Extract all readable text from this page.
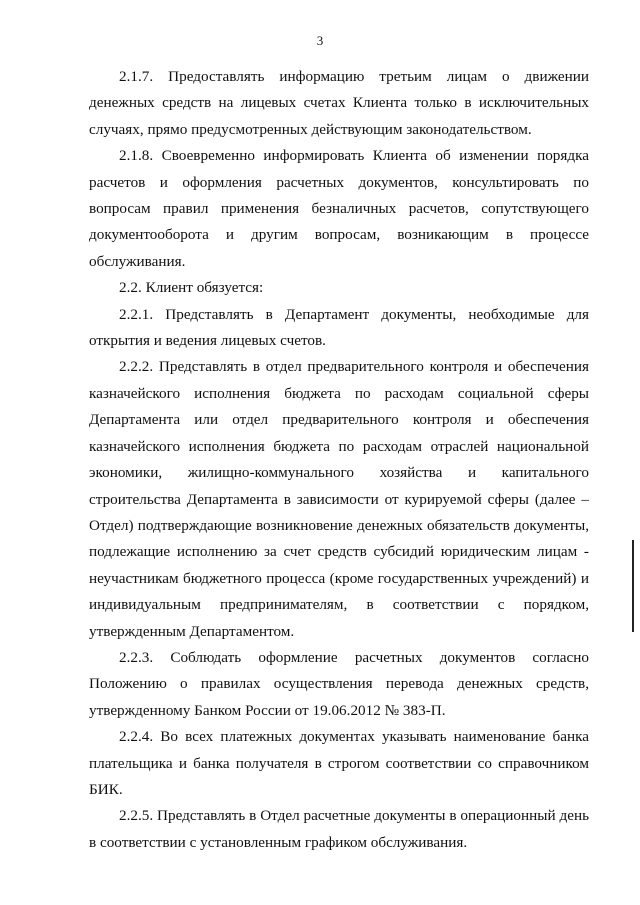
3

2.1.7. Предоставлять информацию третьим лицам о движении денежных средств на лицевых счетах Клиента только в исключительных случаях, прямо предусмотренных действующим законодательством.

2.1.8. Своевременно информировать Клиента об изменении порядка расчетов и оформления расчетных документов, консультировать по вопросам правил применения безналичных расчетов, сопутствующего документооборота и другим вопросам, возникающим в процессе обслуживания.

2.2. Клиент обязуется:

2.2.1. Представлять в Департамент документы, необходимые для открытия и ведения лицевых счетов.

2.2.2. Представлять в отдел предварительного контроля и обеспечения казначейского исполнения бюджета по расходам социальной сферы Департамента или отдел предварительного контроля и обеспечения казначейского исполнения бюджета по расходам отраслей национальной экономики, жилищно-коммунального хозяйства и капитального строительства Департамента в зависимости от курируемой сферы (далее – Отдел) подтверждающие возникновение денежных обязательств документы, подлежащие исполнению за счет средств субсидий юридическим лицам - неучастникам бюджетного процесса (кроме государственных учреждений) и индивидуальным предпринимателям, в соответствии с порядком, утвержденным Департаментом.

2.2.3. Соблюдать оформление расчетных документов согласно Положению о правилах осуществления перевода денежных средств, утвержденному Банком России от 19.06.2012 № 383-П.

2.2.4. Во всех платежных документах указывать наименование банка плательщика и банка получателя в строгом соответствии со справочником БИК.

2.2.5. Представлять в Отдел расчетные документы в операционный день в соответствии с установленным графиком обслуживания.
